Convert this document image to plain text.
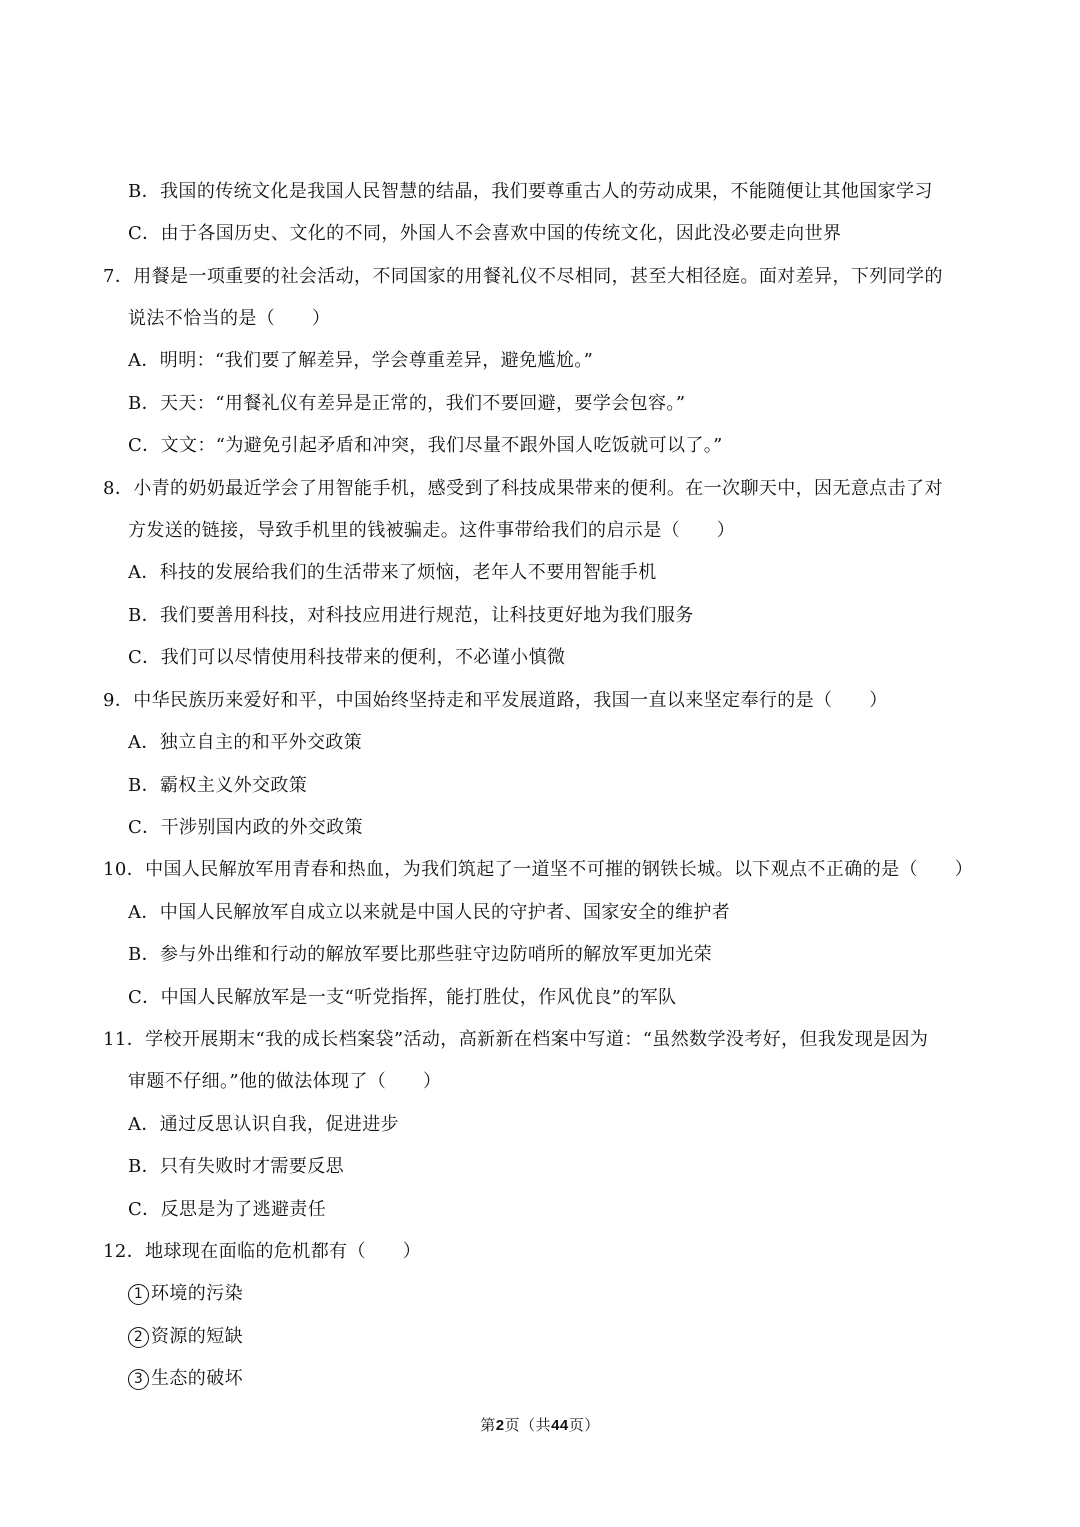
B．我国的传统文化是我国人民智慧的结晶，我们要尊重古人的劳动成果，不能随便让其他国家学习
C．由于各国历史、文化的不同，外国人不会喜欢中国的传统文化，因此没必要走向世界
7．用餐是一项重要的社会活动，不同国家的用餐礼仪不尽相同，甚至大相径庭。面对差异，下列同学的
说法不恰当的是（　　）
A．明明：“我们要了解差异，学会尊重差异，避免尴尬。”
B．天天：“用餐礼仪有差异是正常的，我们不要回避，要学会包容。”
C．文文：“为避免引起矛盾和冲突，我们尽量不跟外国人吃饭就可以了。”
8．小青的奶奶最近学会了用智能手机，感受到了科技成果带来的便利。在一次聊天中，因无意点击了对
方发送的链接，导致手机里的钱被骗走。这件事带给我们的启示是（　　）
A．科技的发展给我们的生活带来了烦恼，老年人不要用智能手机
B．我们要善用科技，对科技应用进行规范，让科技更好地为我们服务
C．我们可以尽情使用科技带来的便利，不必谨小慎微
9．中华民族历来爱好和平，中国始终坚持走和平发展道路，我国一直以来坚定奉行的是（　　）
A．独立自主的和平外交政策
B．霸权主义外交政策
C．干涉别国内政的外交政策
10．中国人民解放军用青春和热血，为我们筑起了一道坚不可摧的钢铁长城。以下观点不正确的是（　　）
A．中国人民解放军自成立以来就是中国人民的守护者、国家安全的维护者
B．参与外出维和行动的解放军要比那些驻守边防哨所的解放军更加光荣
C．中国人民解放军是一支“听党指挥，能打胜仗，作风优良”的军队
11．学校开展期末“我的成长档案袋”活动，高新新在档案中写道：“虽然数学没考好，但我发现是因为
审题不仔细。”他的做法体现了（　　）
A．通过反思认识自我，促进进步
B．只有失败时才需要反思
C．反思是为了逃避责任
12．地球现在面临的危机都有（　　）
1 环境的污染
2 资源的短缺
3 生态的破坏
第2页（共44页）
